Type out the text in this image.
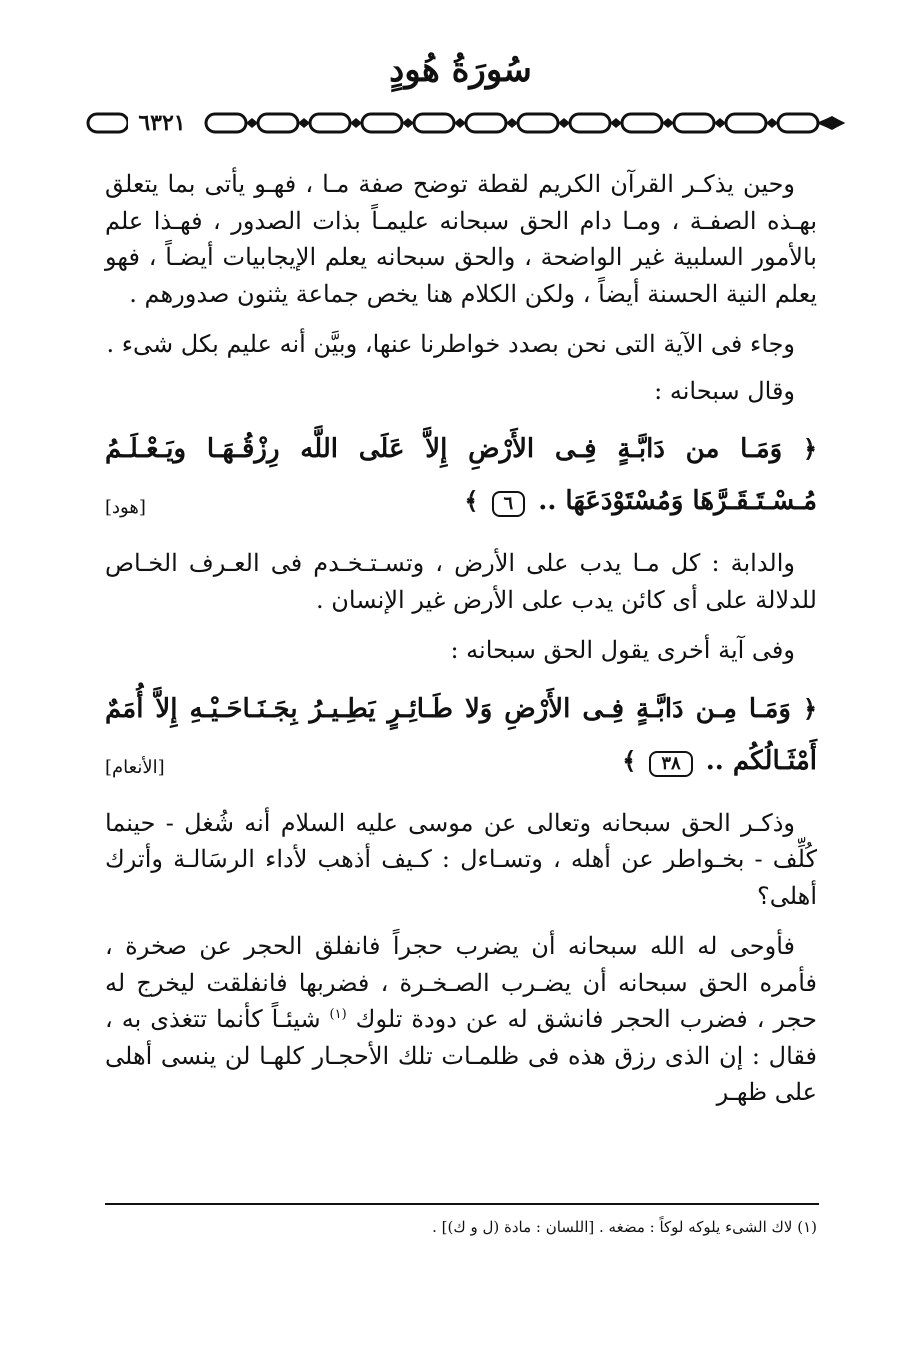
سُورَةُ هُودٍ
٦٣٢١

وحين يذكـر القرآن الكريم لقطة توضح صفة مـا ، فهـو يأتى بما يتعلق بهـذه الصفـة ، ومـا دام الحق سبحانه عليمـاً بذات الصدور ، فهـذا علم بالأمور السلبية غير الواضحة ، والحق سبحانه يعلم الإيجابيات أيضـاً ، فهو يعلم النية الحسنة أيضاً ، ولكن الكلام هنا يخص جماعة يثنون صدورهم .

وجاء فى الآية التى نحن بصدد خواطرنا عنها، وبيَّن أنه عليم بكل شىء .

وقال سبحانه :

﴿ وَمَـا من دَابَّـةٍ فِـى الأَرْضِ إِلاَّ عَلَى اللَّه رِزْقُـهَـا ويَـعْـلَـمُ مُـسْـتَـقَـرَّهَا وَمُسْتَوْدَعَهَا .. ٦ ﴾
[هود]

والدابة : كل مـا يدب على الأرض ، وتسـتـخـدم فى العـرف الخـاص للدلالة على أى كائن يدب على الأرض غير الإنسان .

وفى آية أخرى يقول الحق سبحانه :

﴿ وَمَـا مِـن دَابَّـةٍ فِـى الأَرْضِ وَلا طَـائِـرٍ يَطِـيـرُ بِجَـنَـاحَـيْـهِ إِلاَّ أُمَمٌ أَمْثَـالُكُم .. ٣٨ ﴾
[الأنعام]

وذكـر الحق سبحانه وتعالى عن موسى عليه السلام أنه شُغل - حينما كُلِّف - بخـواطر عن أهله ، وتسـاءل : كـيف أذهب لأداء الرسَالـة وأترك أهلى؟

فأوحى له الله سبحانه أن يضرب حجراً فانفلق الحجر عن صخرة ، فأمره الحق سبحانه أن يضـرب الصـخـرة ، فضربها فانفلقت ليخرج له حجر ، فضرب الحجر فانشق له عن دودة تلوك $^{(١)}$ شيئـاً كأنما تتغذى به ، فقال : إن الذى رزق هذه فى ظلمـات تلك الأحجـار كلهـا لن ينسى أهلى على ظهـر

(١) لاك الشىء يلوكه لوكاً : مضغه . [اللسان : مادة (ل و ك)] .
